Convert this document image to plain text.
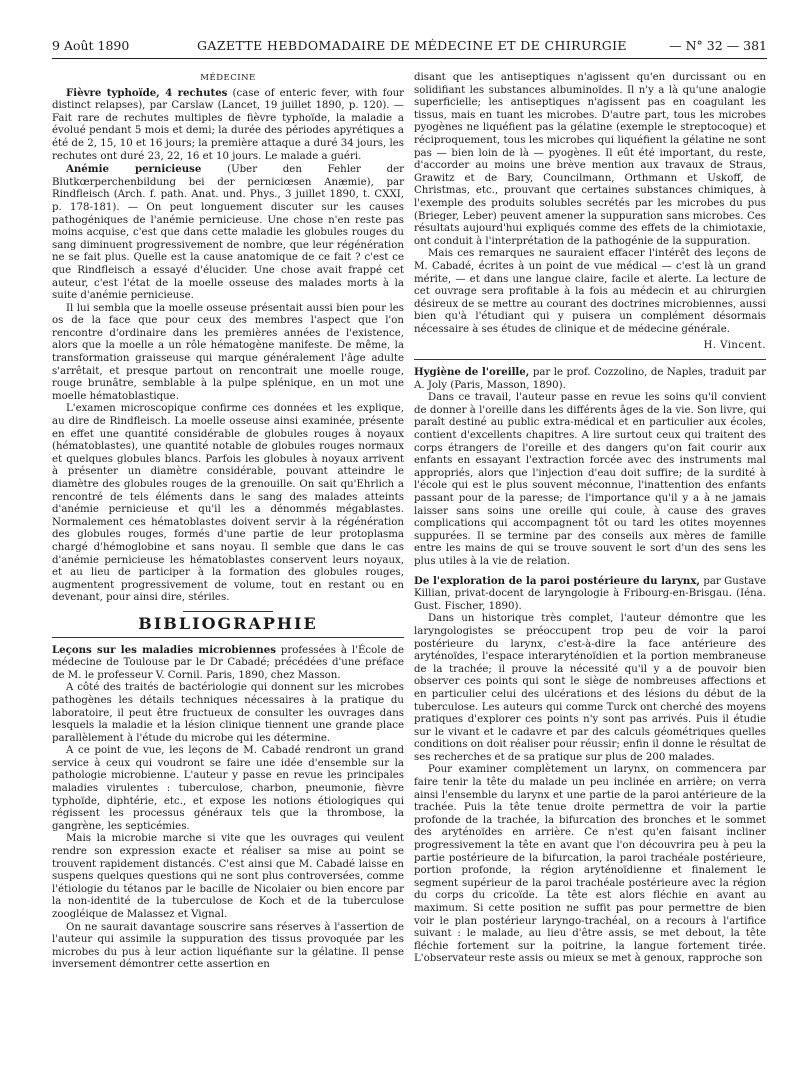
9 Août 1890	GAZETTE HEBDOMADAIRE DE MÉDECINE ET DE CHIRURGIE	— N° 32 — 381
MÉDECINE

Fièvre typhoïde, 4 rechutes (case of enteric fever, with four distinct relapses), par Carslaw (Lancet, 19 juillet 1890, p. 120). — Fait rare de rechutes multiples de fièvre typhoïde, la maladie a évolué pendant 5 mois et demi; la durée des périodes apyrétiques a été de 2, 15, 10 et 16 jours; la première attaque a duré 34 jours, les rechutes ont duré 23, 22, 16 et 10 jours. Le malade a guéri.

Anémie pernicieuse	(Uber den Fehler der Blutkœrperchenbildung bei der perniciœsen Anæmie), par Rindfleisch (Arch. f. path. Anat. und. Phys., 3 juillet 1890, t. CXXI, p. 178-181). — On peut longuement discuter sur les causes pathogéniques de l'anémie pernicieuse. Une chose n'en reste pas moins acquise, c'est que dans cette maladie les globules rouges du sang diminuent progressivement de nombre, que leur régénération ne se fait plus. Quelle est la cause anatomique de ce fait ? c'est ce que Rindfleisch a essayé d'élucider. Une chose avait frappé cet auteur, c'est l'état de la moelle osseuse des malades morts à la suite d'anémie pernicieuse.

Il lui sembla que la moelle osseuse présentait aussi bien pour les os de la face que pour ceux des membres l'aspect que l'on rencontre d'ordinaire dans les premières années de l'existence, alors que la moelle a un rôle hématogène manifeste. De même, la transformation graisseuse qui marque généralement l'âge adulte s'arrêtait, et presque partout on rencontrait une moelle rouge, rouge brunâtre, semblable à la pulpe splénique, en un mot une moelle hématoblastique.

L'examen microscopique confirme ces données et les explique, au dire de Rindfleisch. La moelle osseuse ainsi examinée, présente en effet une quantité considérable de globules rouges à noyaux (hématoblastes), une quantité notable de globules rouges normaux et quelques globules blancs. Parfois les globules à noyaux arrivent à présenter un diamètre considérable, pouvant atteindre le diamètre des globules rouges de la grenouille. On sait qu'Ehrlich a rencontré de tels éléments dans le sang des malades atteints d'anémie pernicieuse et qu'il les a dénommés mégablastes. Normalement ces hématoblastes doivent servir à la régénération des globules rouges, formés d'une partie de leur protoplasma chargé d'hémoglobine et sans noyau. Il semble que dans le cas d'anémie pernicieuse les hématoblastes conservent leurs noyaux, et au lieu de participer à la formation des globules rouges, augmentent progressivement de volume, tout en restant ou en devenant, pour ainsi dire, stériles.

BIBLIOGRAPHIE

Leçons sur les maladies microbiennes professées à l'École de médecine de Toulouse par le Dr Cabadé; précédées d'une préface de M. le professeur V. Cornil. Paris, 1890, chez Masson.

A côté des traités de bactériologie qui donnent sur les microbes pathogènes les détails techniques nécessaires à la pratique du laboratoire, il peut être fructueux de consulter les ouvrages dans lesquels la maladie et la lésion clinique tiennent une grande place parallèlement à l'étude du microbe qui les détermine.

A ce point de vue, les leçons de M. Cabadé rendront un grand service à ceux qui voudront se faire une idée d'ensemble sur la pathologie microbienne. L'auteur y passe en revue les principales maladies virulentes : tuberculose, charbon, pneumonie, fièvre typhoïde, diphtérie, etc., et expose les notions étiologiques qui régissent les processus généraux tels que la thrombose, la gangrène, les septicémies.

Mais la microbie marche si vite que les ouvrages qui veulent rendre son expression exacte et réaliser sa mise au point se trouvent rapidement distancés. C'est ainsi que M. Cabadé laisse en suspens quelques questions qui ne sont plus controversées, comme l'étiologie du tétanos par le bacille de Nicolaier ou bien encore par la non-identité de la tuberculose de Koch et de la tuberculose zoogléique de Malassez et Vignal.

On ne saurait davantage souscrire sans réserves à l'assertion de l'auteur qui assimile la suppuration des tissus provoquée par les microbes du pus à leur action liquéfiante sur la gélatine. Il pense inversement démontrer cette assertion en

disant que les antiseptiques n'agissent qu'en durcissant ou en solidifiant les substances albuminoïdes. Il n'y a là qu'une analogie superficielle; les antiseptiques n'agissent pas en coagulant les tissus, mais en tuant les microbes. D'autre part, tous les microbes pyogènes ne liquéfient pas la gélatine (exemple le streptocoque) et réciproquement, tous les microbes qui liquéfient la gélatine ne sont pas — bien loin de là — pyogènes. Il eût été important, du reste, d'accorder au moins une brève mention aux travaux de Straus, Grawitz et de Bary, Councilmann, Orthmann et Uskoff, de Christmas, etc., prouvant que certaines substances chimiques, à l'exemple des produits solubles secrétés par les microbes du pus (Brieger, Leber) peuvent amener la suppuration sans microbes. Ces résultats aujourd'hui expliqués comme des effets de la chimiotaxie, ont conduit à l'interprétation de la pathogénie de la suppuration.

Mais ces remarques ne sauraient effacer l'intérêt des leçons de M. Cabadé, écrites à un point de vue médical — c'est là un grand mérite, — et dans une langue claire, facile et alerte. La lecture de cet ouvrage sera profitable à la fois au médecin et au chirurgien désireux de se mettre au courant des doctrines microbiennes, aussi bien qu'à l'étudiant qui y puisera un complément désormais nécessaire à ses études de clinique et de médecine générale.

H. Vincent.

Hygiène de l'oreille, par le prof. Cozzolino, de Naples, traduit par A. Joly (Paris, Masson, 1890).

Dans ce travail, l'auteur passe en revue les soins qu'il convient de donner à l'oreille dans les différents âges de la vie. Son livre, qui paraît destiné au public extra-médical et en particulier aux écoles, contient d'excellents chapitres. A lire surtout ceux qui traitent des corps étrangers de l'oreille et des dangers qu'on fait courir aux enfants en essayant l'extraction forcée avec des instruments mal appropriés, alors que l'injection d'eau doit suffire; de la surdité à l'école qui est le plus souvent méconnue, l'inattention des enfants passant pour de la paresse; de l'importance qu'il y a à ne jamais laisser sans soins une oreille qui coule, à cause des graves complications qui accompagnent tôt ou tard les otites moyennes suppurées. Il se termine par des conseils aux mères de famille entre les mains de qui se trouve souvent le sort d'un des sens les plus utiles à la vie de relation.

De l'exploration de la paroi postérieure du larynx, par Gustave Killian, privat-docent de laryngologie à Fribourg-en-Brisgau. (Iéna. Gust. Fischer, 1890).

Dans un historique très complet, l'auteur démontre que les laryngologistes se préoccupent trop peu de voir la paroi postérieure du larynx, c'est-à-dire la face antérieure des aryténoïdes, l'espace interaryténoïdien et la portion membraneuse de la trachée; il prouve la nécessité qu'il y a de pouvoir bien observer ces points qui sont le siège de nombreuses affections et en particulier celui des ulcérations et des lésions du début de la tuberculose. Les auteurs qui comme Turck ont cherché des moyens pratiques d'explorer ces points n'y sont pas arrivés. Puis il étudie sur le vivant et le cadavre et par des calculs géométriques quelles conditions on doit réaliser pour réussir; enfin il donne le résultat de ses recherches et de sa pratique sur plus de 200 malades.

Pour examiner complètement un larynx, on commencera par faire tenir la tête du malade un peu inclinée en arrière; on verra ainsi l'ensemble du larynx et une partie de la paroi antérieure de la trachée. Puis la tête tenue droite permettra de voir la partie profonde de la trachée, la bifurcation des bronches et le sommet des aryténoïdes en arrière. Ce n'est qu'en faisant incliner progressivement la tête en avant que l'on découvrira peu à peu la partie postérieure de la bifurcation, la paroi trachéale postérieure, portion profonde, la région aryténoïdienne et finalement le segment supérieur de la paroi trachéale postérieure avec la région du corps du cricoïde. La tête est alors fléchie en avant au maximum. Si cette position ne suffit pas pour permettre de bien voir le plan postérieur laryngo-trachéal, on a recours à l'artifice suivant : le malade, au lieu d'être assis, se met debout, la tête fléchie fortement sur la poitrine, la langue fortement tirée. L'observateur reste assis ou mieux se met à genoux, rapproche son
